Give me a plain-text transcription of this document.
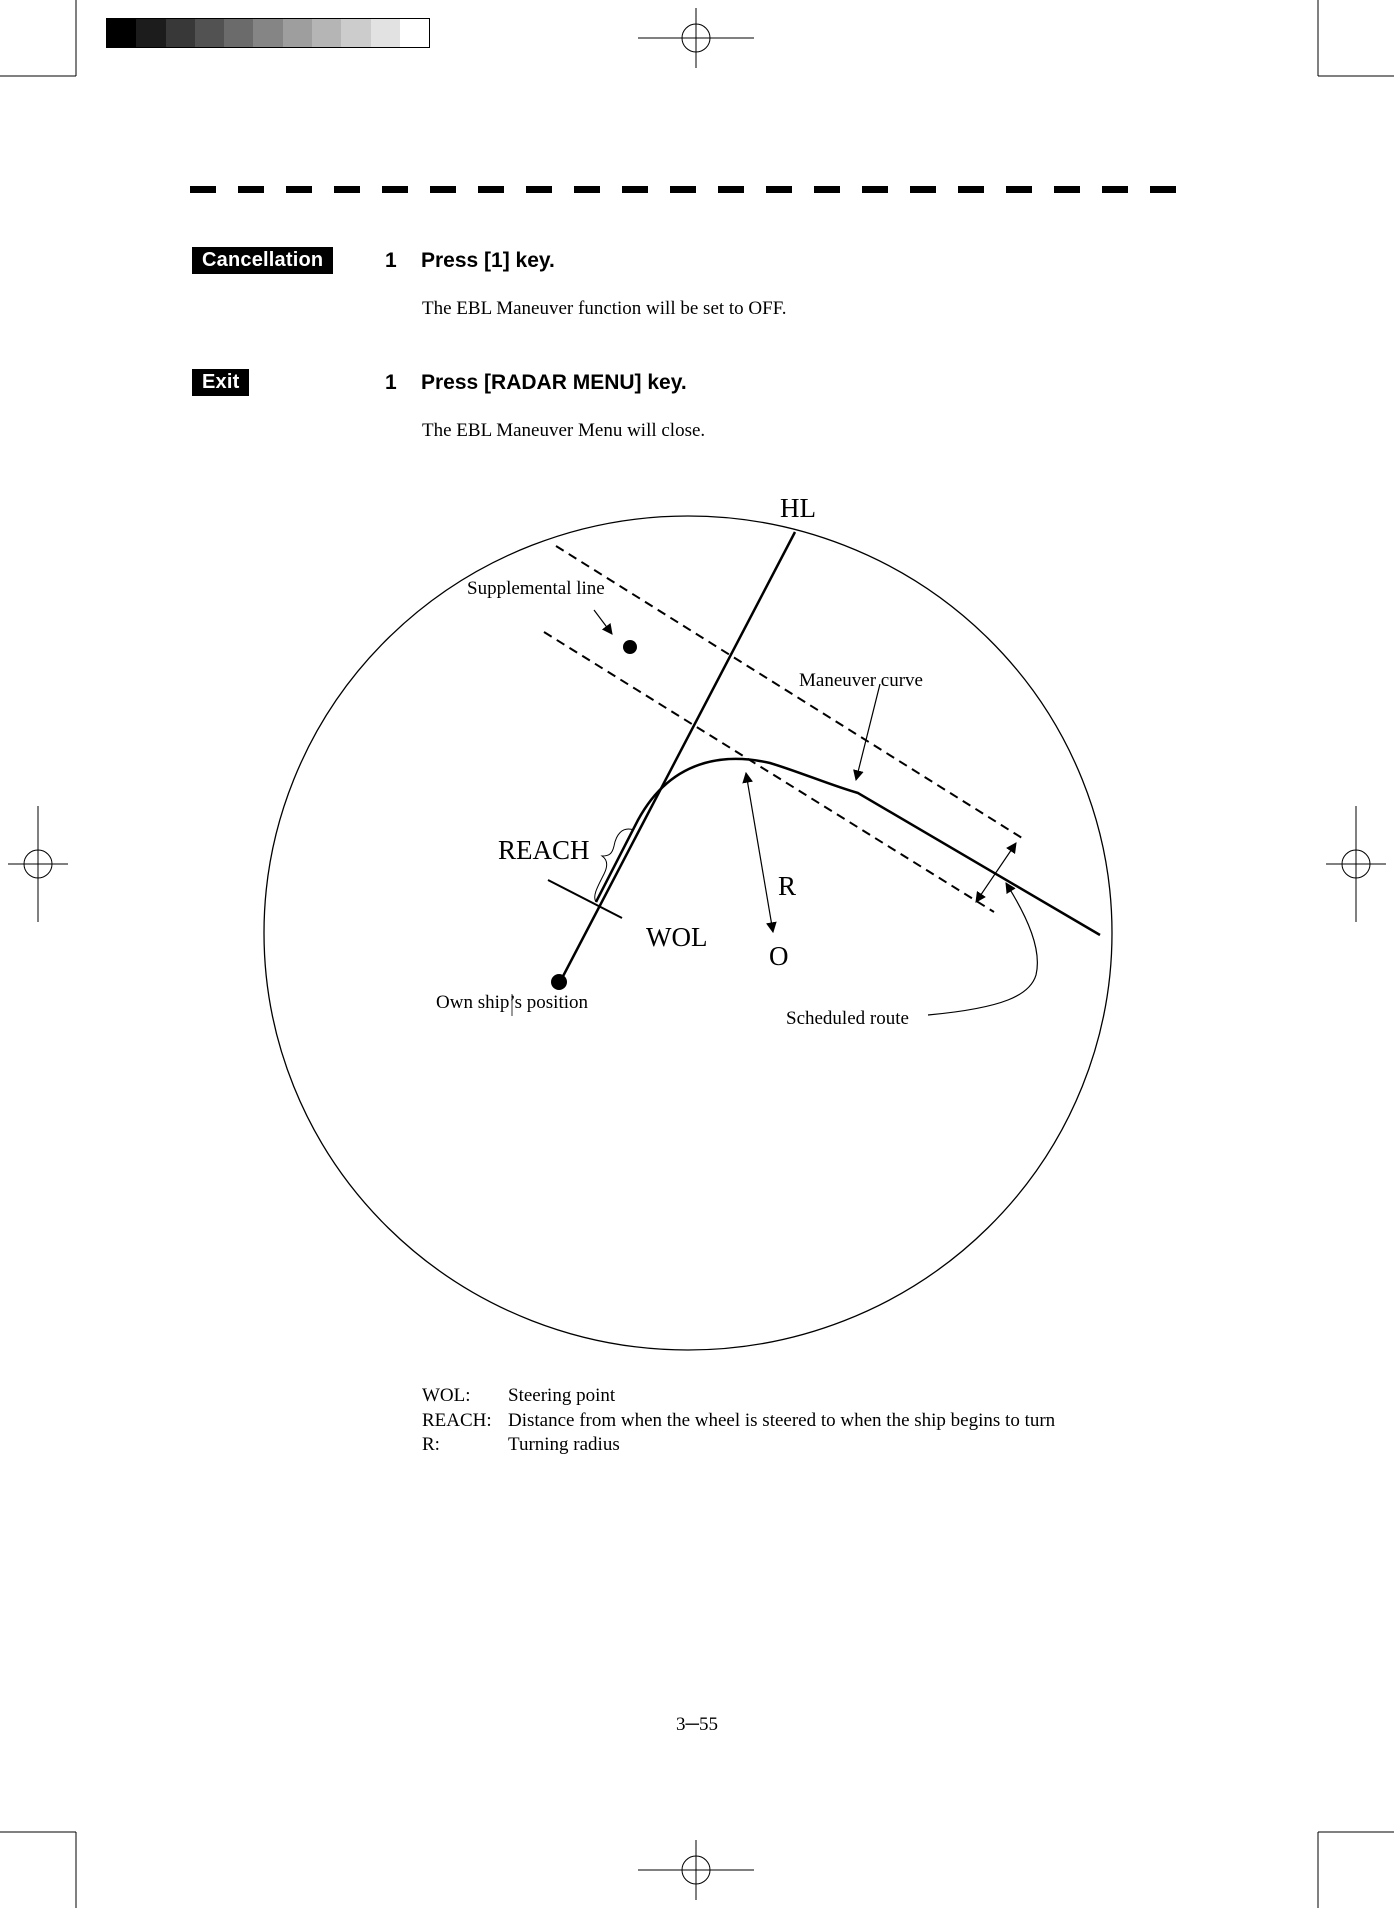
Cancellation	1 Press [1] key.
The EBL Maneuver function will be set to OFF.
Exit	1 Press [RADAR MENU] key.
The EBL Maneuver Menu will close.
HL
Supplemental line
Maneuver curve
REACH
R
WOL
O
Own ship’s position
Scheduled route
WOL:	Steering point
REACH: Distance from when the wheel is steered to when the ship begins to turn
R:	Turning radius
3─55
